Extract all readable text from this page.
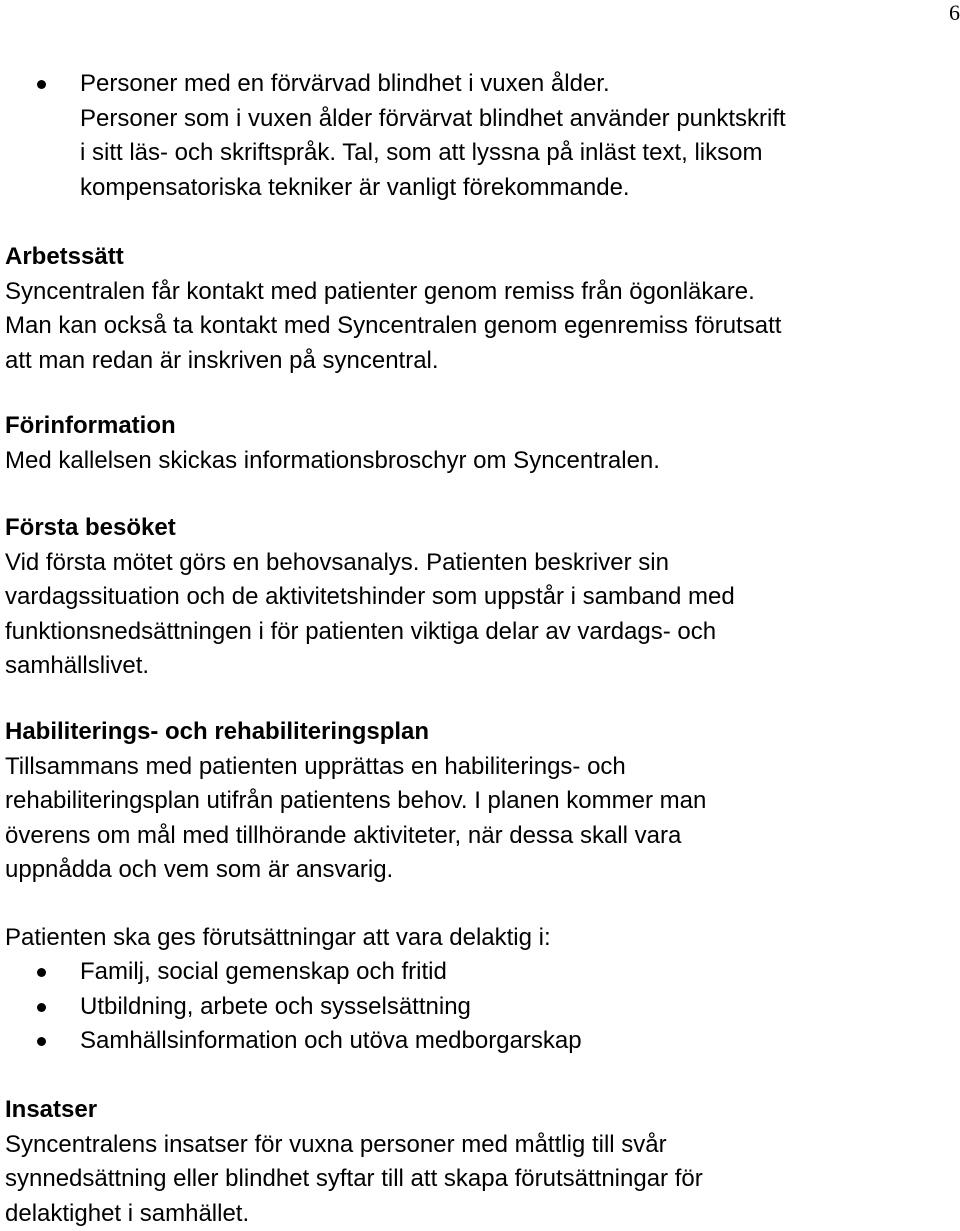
6
Personer med en förvärvad blindhet i vuxen ålder.
Personer som i vuxen ålder förvärvat blindhet använder punktskrift
i sitt läs- och skriftspråk. Tal, som att lyssna på inläst text, liksom
kompensatoriska tekniker är vanligt förekommande.

Arbetssätt

Syncentralen får kontakt med patienter genom remiss från ögonläkare.

Man kan också ta kontakt med Syncentralen genom egenremiss förutsatt

att man redan är inskriven på syncentral.

Förinformation

Med kallelsen skickas informationsbroschyr om Syncentralen.

Första besöket

Vid första mötet görs en behovsanalys. Patienten beskriver sin

vardagssituation och de aktivitetshinder som uppstår i samband med

funktionsnedsättningen i för patienten viktiga delar av vardags- och

samhällslivet.

Habiliterings- och rehabiliteringsplan

Tillsammans med patienten upprättas en habiliterings- och

rehabiliteringsplan utifrån patientens behov. I planen kommer man

överens om mål med tillhörande aktiviteter, när dessa skall vara

uppnådda och vem som är ansvarig.

Patienten ska ges förutsättningar att vara delaktig i:

Familj, social gemenskap och fritid
Utbildning, arbete och sysselsättning
Samhällsinformation och utöva medborgarskap

Insatser

Syncentralens insatser för vuxna personer med måttlig till svår

synnedsättning eller blindhet syftar till att skapa förutsättningar för

delaktighet i samhället.
